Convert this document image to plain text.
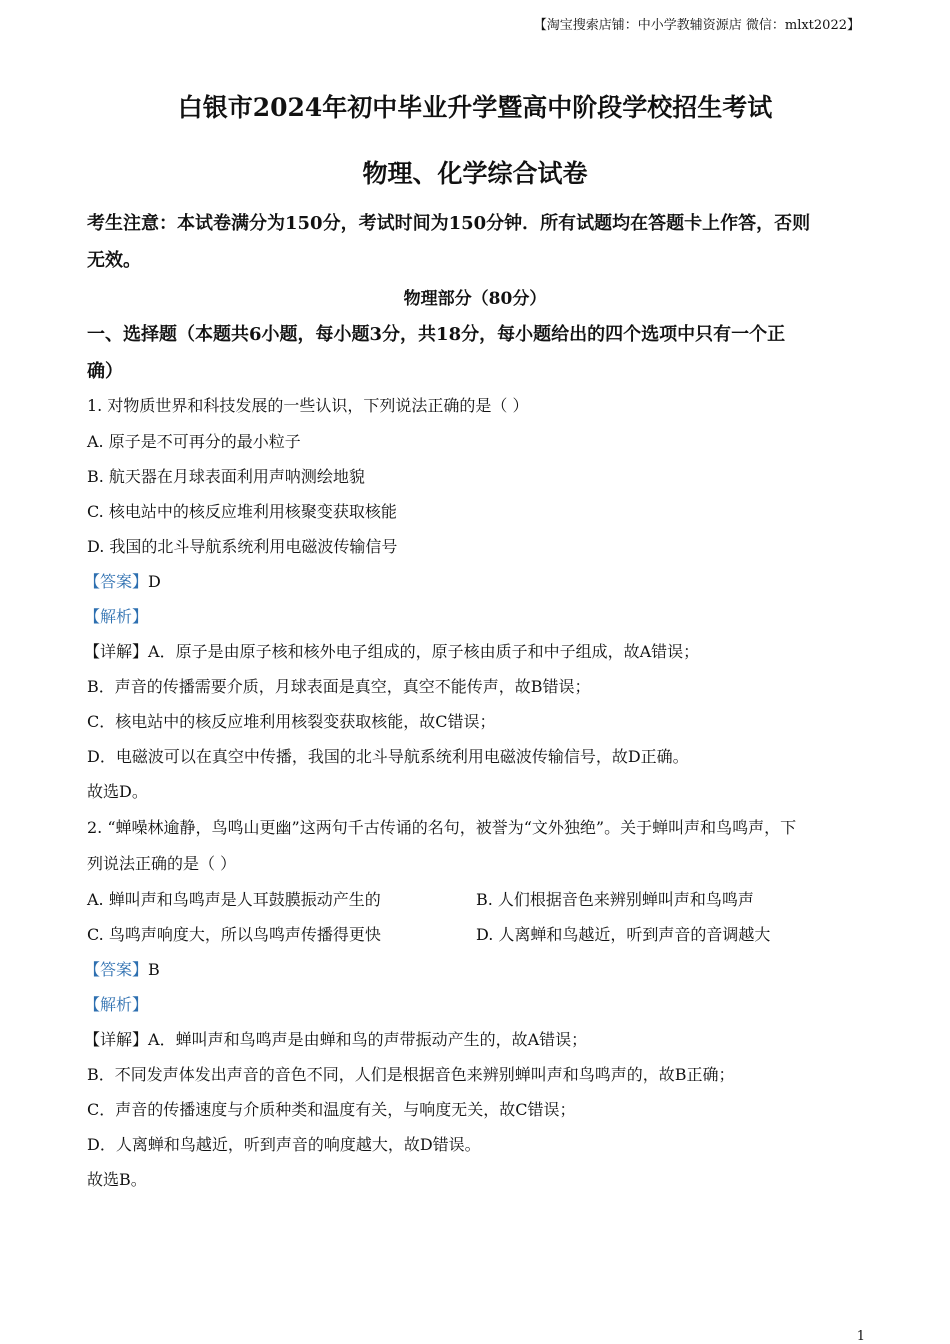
【淘宝搜索店铺：中小学教辅资源店 微信：mlxt2022】
白银市2024年初中毕业升学暨高中阶段学校招生考试
物理、化学综合试卷
考生注意：本试卷满分为150分，考试时间为150分钟．所有试题均在答题卡上作答，否则
无效。
物理部分（80分）
一、选择题（本题共6小题，每小题3分，共18分，每小题给出的四个选项中只有一个正
确）
1. 对物质世界和科技发展的一些认识，下列说法正确的是（ ）
A. 原子是不可再分的最小粒子
B. 航天器在月球表面利用声呐测绘地貌
C. 核电站中的核反应堆利用核聚变获取核能
D. 我国的北斗导航系统利用电磁波传输信号
【答案】D
【解析】
【详解】A．原子是由原子核和核外电子组成的，原子核由质子和中子组成，故A错误；
B．声音的传播需要介质，月球表面是真空，真空不能传声，故B错误；
C．核电站中的核反应堆利用核裂变获取核能，故C错误；
D．电磁波可以在真空中传播，我国的北斗导航系统利用电磁波传输信号，故D正确。
故选D。
2. “蝉噪林逾静，鸟鸣山更幽”这两句千古传诵的名句，被誉为“文外独绝”。关于蝉叫声和鸟鸣声，下
列说法正确的是（ ）
A. 蝉叫声和鸟鸣声是人耳鼓膜振动产生的	B. 人们根据音色来辨别蝉叫声和鸟鸣声
C. 鸟鸣声响度大，所以鸟鸣声传播得更快	D. 人离蝉和鸟越近，听到声音的音调越大
【答案】B
【解析】
【详解】A．蝉叫声和鸟鸣声是由蝉和鸟的声带振动产生的，故A错误；
B．不同发声体发出声音的音色不同，人们是根据音色来辨别蝉叫声和鸟鸣声的，故B正确；
C．声音的传播速度与介质种类和温度有关，与响度无关，故C错误；
D．人离蝉和鸟越近，听到声音的响度越大，故D错误。
故选B。
1
